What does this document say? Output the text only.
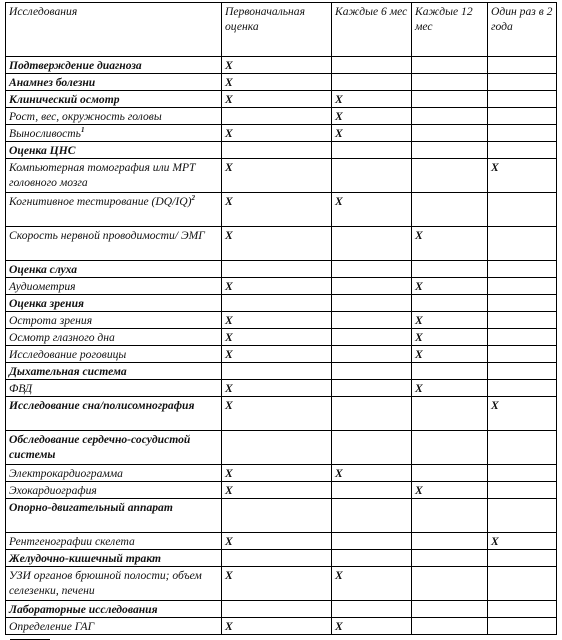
Исследования	Первоначальная оценка	Каждые 6 мес	Каждые 12 мес	Один раз в 2 года
Подтверждение диагноза	X			
Анамнез болезни	X			
Клинический осмотр	X	X		
Рост, вес, окружность головы		X		
Выносливость$^1$	X	X		
Оценка ЦНС				
Компьютерная томография или МРТ головного мозга	X			X
Когнитивное тестирование $(DQ/IQ)^2$	X	X		
Скорость нервной проводимости/ ЭМГ	X		X	
Оценка слуха				
Аудиометрия	X		X	
Оценка зрения				
Острота зрения	X		X	
Осмотр глазного дна	X		X	
Исследование роговицы	X		X	
Дыхательная система				
ФВД	X		X	
Исследование сна/полисомнография	X			X
Обследование сердечно-сосудистой системы				
Электрокардиограмма	X	X		
Эхокардиография	X		X	
Опорно-двигательный аппарат				
Рентгенографии скелета	X			X
Желудочно-кишечный тракт				
УЗИ органов брюшной полости; объем селезенки, печени	X	X		
Лабораторные исследования				
Определение ГАГ	X	X		
